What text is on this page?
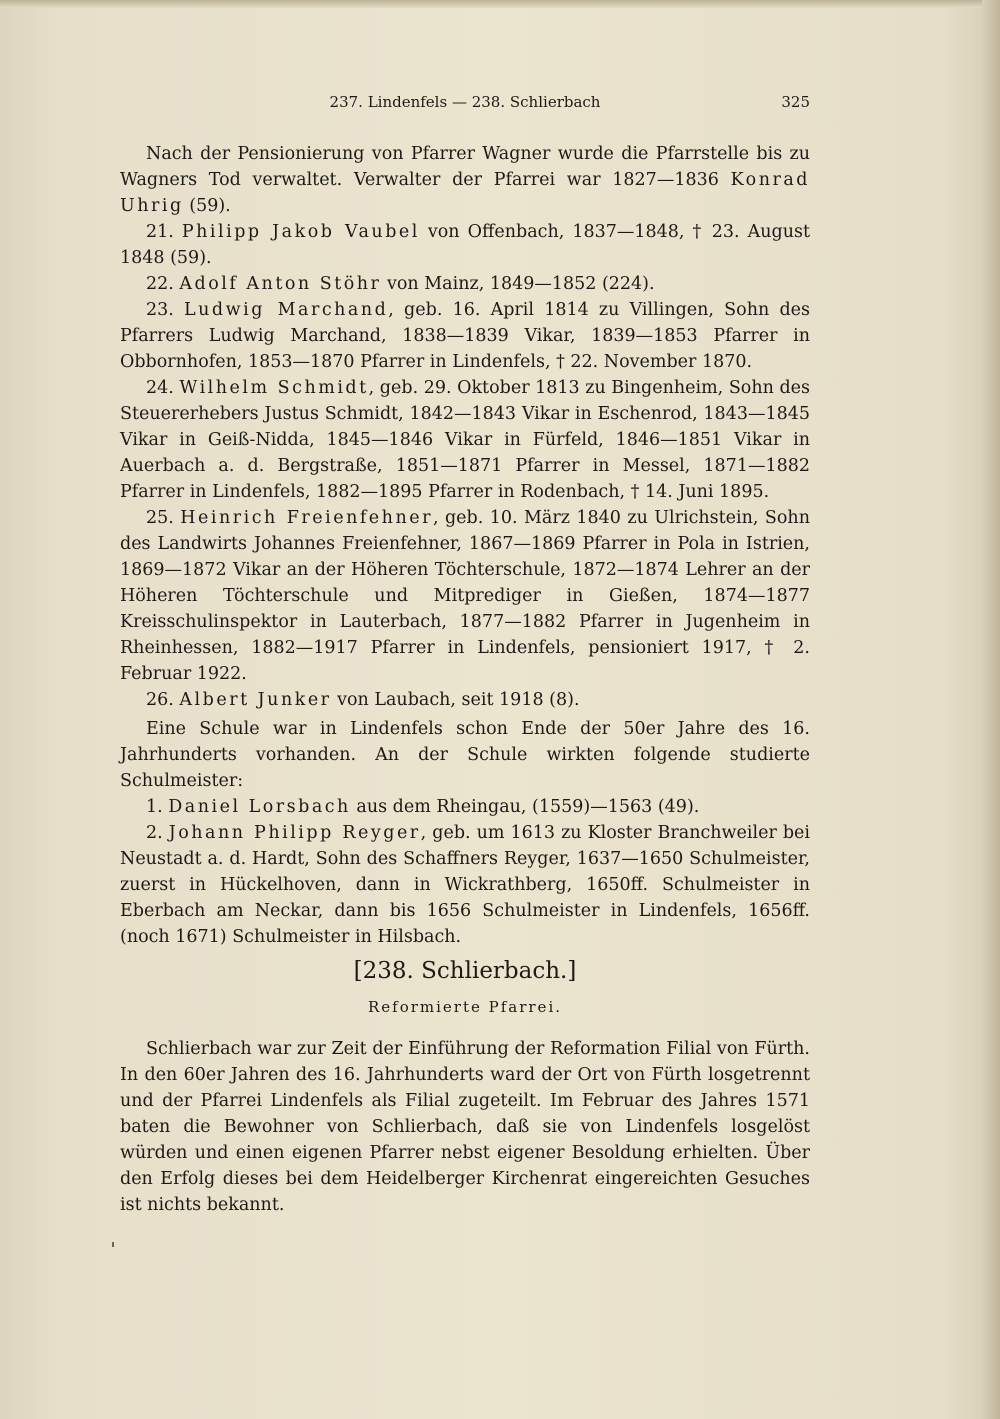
237. Lindenfels — 238. Schlierbach	325

Nach der Pensionierung von Pfarrer Wagner wurde die Pfarrstelle bis zu Wagners Tod verwaltet. Verwalter der Pfarrei war 1827—1836 Konrad Uhrig (59).

21. Philipp Jakob Vaubel von Offenbach, 1837—1848, † 23. August 1848 (59).

22. Adolf Anton Stöhr von Mainz, 1849—1852 (224).

23. Ludwig Marchand, geb. 16. April 1814 zu Villingen, Sohn des Pfarrers Ludwig Marchand, 1838—1839 Vikar, 1839—1853 Pfarrer in Obbornhofen, 1853—1870 Pfarrer in Lindenfels, † 22. November 1870.

24. Wilhelm Schmidt, geb. 29. Oktober 1813 zu Bingenheim, Sohn des Steuererhebers Justus Schmidt, 1842—1843 Vikar in Eschenrod, 1843—1845 Vikar in Geiß-Nidda, 1845—1846 Vikar in Fürfeld, 1846—1851 Vikar in Auerbach a. d. Bergstraße, 1851—1871 Pfarrer in Messel, 1871—1882 Pfarrer in Lindenfels, 1882—1895 Pfarrer in Rodenbach, † 14. Juni 1895.

25. Heinrich Freienfehner, geb. 10. März 1840 zu Ulrichstein, Sohn des Landwirts Johannes Freienfehner, 1867—1869 Pfarrer in Pola in Istrien, 1869—1872 Vikar an der Höheren Töchterschule, 1872—1874 Lehrer an der Höheren Töchterschule und Mitprediger in Gießen, 1874—1877 Kreisschulinspektor in Lauterbach, 1877—1882 Pfarrer in Jugenheim in Rheinhessen, 1882—1917 Pfarrer in Lindenfels, pensioniert 1917, † 2. Februar 1922.

26. Albert Junker von Laubach, seit 1918 (8).

Eine Schule war in Lindenfels schon Ende der 50er Jahre des 16. Jahrhunderts vorhanden. An der Schule wirkten folgende studierte Schulmeister:

1. Daniel Lorsbach aus dem Rheingau, (1559)—1563 (49).

2. Johann Philipp Reyger, geb. um 1613 zu Kloster Branchweiler bei Neustadt a. d. Hardt, Sohn des Schaffners Reyger, 1637—1650 Schulmeister, zuerst in Hückelhoven, dann in Wickrathberg, 1650ff. Schulmeister in Eberbach am Neckar, dann bis 1656 Schulmeister in Lindenfels, 1656ff. (noch 1671) Schulmeister in Hilsbach.

[238. Schlierbach.]
Reformierte Pfarrei.

Schlierbach war zur Zeit der Einführung der Reformation Filial von Fürth. In den 60er Jahren des 16. Jahrhunderts ward der Ort von Fürth losgetrennt und der Pfarrei Lindenfels als Filial zugeteilt. Im Februar des Jahres 1571 baten die Bewohner von Schlierbach, daß sie von Lindenfels losgelöst würden und einen eigenen Pfarrer nebst eigener Besoldung erhielten. Über den Erfolg dieses bei dem Heidelberger Kirchenrat eingereichten Gesuches ist nichts bekannt.
